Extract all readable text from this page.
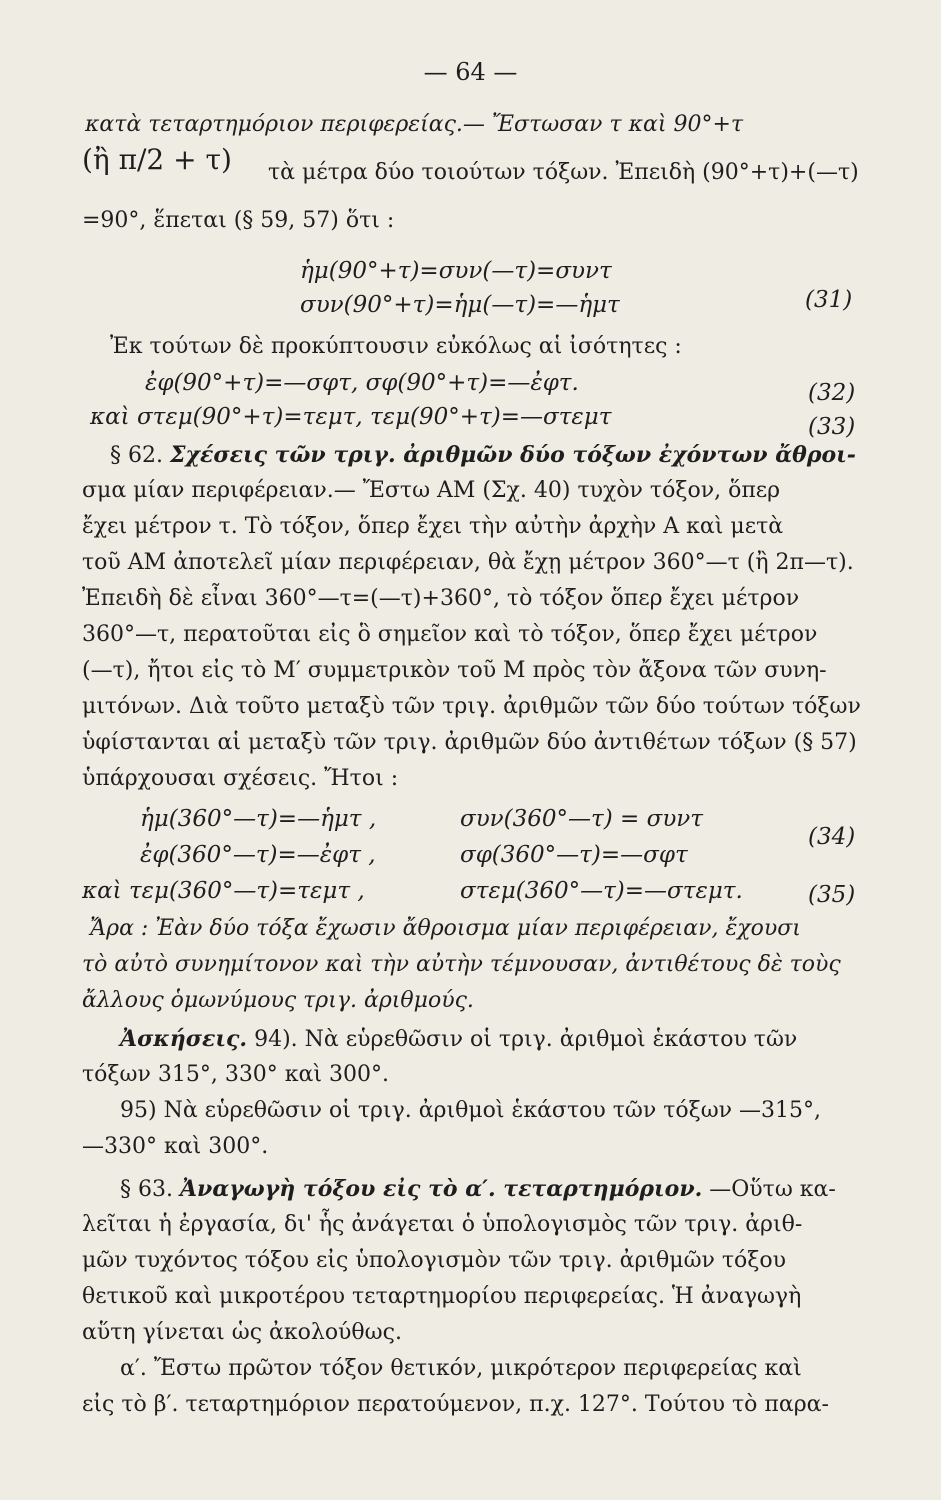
— 64 —
κατὰ τεταρτημόριον περιφερείας.— Ἔστωσαν τ καὶ 90°+τ
(ἢ π/2 + τ) τὰ μέτρα δύο τοιούτων τόξων. Ἐπειδὴ (90°+τ)+(—τ)
=90°, ἕπεται (§ 59, 57) ὅτι :
ἡμ(90°+τ)=συν(—τ)=συντ
συν(90°+τ)=ἡμ(—τ)=—ἡμτ	(31)
Ἐκ τούτων δὲ προκύπτουσιν εὐκόλως αἱ ἰσότητες :
ἐφ(90°+τ)=—σφτ, σφ(90°+τ)=—ἐφτ.	(32)
καὶ στεμ(90°+τ)=τεμτ, τεμ(90°+τ)=—στεμτ	(33)
§ 62. Σχέσεις τῶν τριγ. ἀριθμῶν δύο τόξων ἐχόντων ἄθροι-
σμα μίαν περιφέρειαν.— Ἔστω ΑΜ (Σχ. 40) τυχὸν τόξον, ὅπερ
ἔχει μέτρον τ. Τὸ τόξον, ὅπερ ἔχει τὴν αὐτὴν ἀρχὴν Α καὶ μετὰ
τοῦ ΑΜ ἀποτελεῖ μίαν περιφέρειαν, θὰ ἔχῃ μέτρον 360°—τ (ἢ 2π—τ).
Ἐπειδὴ δὲ εἶναι 360°—τ=(—τ)+360°, τὸ τόξον ὅπερ ἔχει μέτρον
360°—τ, περατοῦται εἰς ὃ σημεῖον καὶ τὸ τόξον, ὅπερ ἔχει μέτρον
(—τ), ἤτοι εἰς τὸ Μ′ συμμετρικὸν τοῦ Μ πρὸς τὸν ἄξονα τῶν συνη-
μιτόνων. Διὰ τοῦτο μεταξὺ τῶν τριγ. ἀριθμῶν τῶν δύο τούτων τόξων
ὑφίστανται αἱ μεταξὺ τῶν τριγ. ἀριθμῶν δύο ἀντιθέτων τόξων (§ 57)
ὑπάρχουσαι σχέσεις. Ἤτοι :
ἡμ(360°—τ)=—ἡμτ ,	συν(360°—τ) = συντ
ἐφ(360°—τ)=—ἐφτ ,	σφ(360°—τ)=—σφτ
(34)
καὶ τεμ(360°—τ)=τεμτ ,	στεμ(360°—τ)=—στεμτ.	(35)
Ἄρα : Ἐὰν δύο τόξα ἔχωσιν ἄθροισμα μίαν περιφέρειαν, ἔχουσι
τὸ αὐτὸ συνημίτονον καὶ τὴν αὐτὴν τέμνουσαν, ἀντιθέτους δὲ τοὺς
ἄλλους ὁμωνύμους τριγ. ἀριθμούς.
Ἀσκήσεις. 94). Νὰ εὑρεθῶσιν οἱ τριγ. ἀριθμοὶ ἑκάστου τῶν
τόξων 315°, 330° καὶ 300°.
95) Νὰ εὑρεθῶσιν οἱ τριγ. ἀριθμοὶ ἑκάστου τῶν τόξων —315°,
—330° καὶ 300°.
§ 63. Ἀναγωγὴ τόξου εἰς τὸ α′. τεταρτημόριον. —Οὕτω κα-
λεῖται ἡ ἐργασία, δι' ἧς ἀνάγεται ὁ ὑπολογισμὸς τῶν τριγ. ἀριθ-
μῶν τυχόντος τόξου εἰς ὑπολογισμὸν τῶν τριγ. ἀριθμῶν τόξου
θετικοῦ καὶ μικροτέρου τεταρτημορίου περιφερείας. Ἡ ἀναγωγὴ
αὕτη γίνεται ὡς ἀκολούθως.
α′. Ἔστω πρῶτον τόξον θετικόν, μικρότερον περιφερείας καὶ
εἰς τὸ β′. τεταρτημόριον περατούμενον, π.χ. 127°. Τούτου τὸ παρα-
